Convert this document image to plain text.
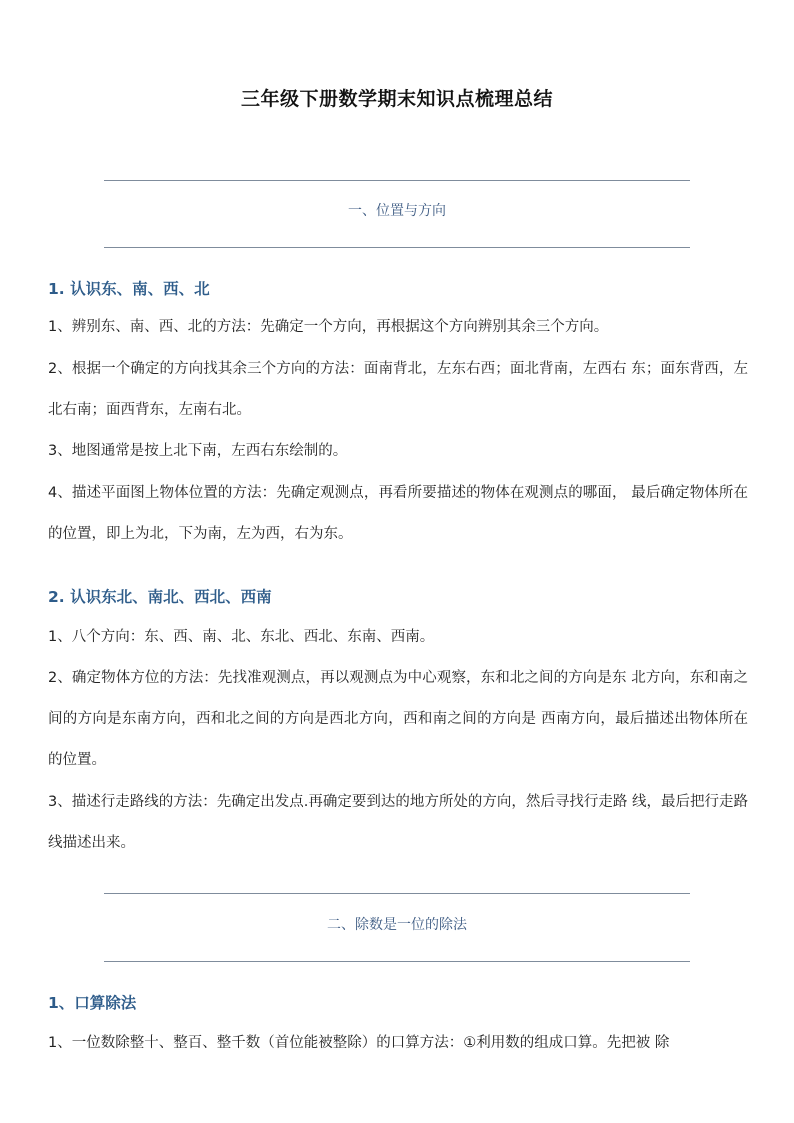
三年级下册数学期末知识点梳理总结
一、位置与方向
1. 认识东、南、西、北
1、辨别东、南、西、北的方法：先确定一个方向，再根据这个方向辨别其余三个方向。
2、根据一个确定的方向找其余三个方向的方法：面南背北，左东右西；面北背南，左西右 东；面东背西，左北右南；面西背东，左南右北。
3、地图通常是按上北下南，左西右东绘制的。
4、描述平面图上物体位置的方法：先确定观测点，再看所要描述的物体在观测点的哪面， 最后确定物体所在的位置，即上为北，下为南，左为西，右为东。
2. 认识东北、南北、西北、西南
1、八个方向：东、西、南、北、东北、西北、东南、西南。
2、确定物体方位的方法：先找准观测点，再以观测点为中心观察，东和北之间的方向是东 北方向，东和南之间的方向是东南方向，西和北之间的方向是西北方向，西和南之间的方向是 西南方向，最后描述出物体所在的位置。
3、描述行走路线的方法：先确定出发点.再确定要到达的地方所处的方向，然后寻找行走路 线，最后把行走路线描述出来。
二、除数是一位的除法
1、口算除法
1、一位数除整十、整百、整千数（首位能被整除）的口算方法：①利用数的组成口算。先把被 除
